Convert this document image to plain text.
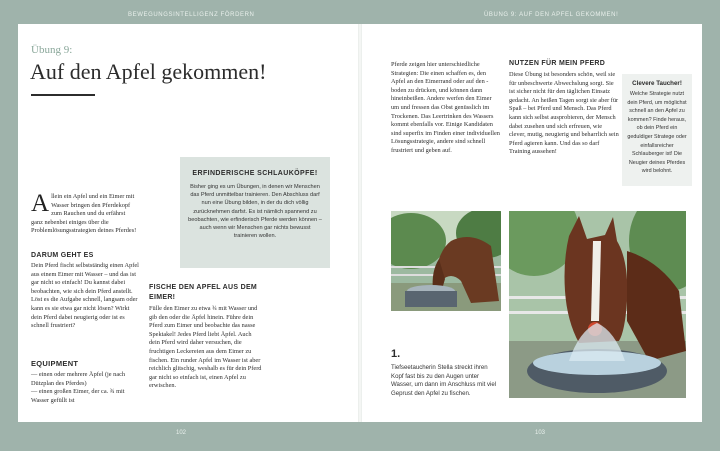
BEWEGUNGSINTELLIGENZ FÖRDERN	ÜBUNG 9: AUF DEN APFEL GEKOMMEN!
102	103
Übung 9:
Auf den Apfel gekommen!
Allein ein Apfel und ein Eimer mit Wasser bringen den Pferdekopf zum Rauchen und du erfährst ganz nebenbei einiges über die Problemlösungsstrategien deines Pferdes!
DARUM GEHT ES
Dein Pferd fischt selbstständig einen Apfel aus einem Eimer mit Wasser – und das ist gar nicht so einfach! Du kannst dabei beobachten, wie sich dein Pferd anstellt. Löst es die Aufgabe schnell, langsam oder kann es sie etwa gar nicht lösen? Wirkt dein Pferd dabei neugierig oder ist es schnell frustriert?
EQUIPMENT
— einen oder mehrere Äpfel (je nach Dützplan des Pferdes)
— einen großen Eimer, der ca. ¾ mit Wasser gefüllt ist
ERFINDERISCHE SCHLAUKÖPFE!

Bisher ging es um Übungen, in denen wir Menschen das Pferd unmittelbar trainieren. Den Abschluss darf nun eine Übung bilden, in der du dich völlig zurücknehmen darfst. Es ist nämlich spannend zu beobachten, wie erfinderisch Pferde werden können – auch wenn wir Menschen gar nichts bewusst trainieren wollen.

FISCHE DEN APFEL AUS DEM EIMER!
Fülle den Eimer zu etwa ¾ mit Wasser und gib den oder die Äpfel hinein. Führe dein Pferd zum Eimer und beobachte das nasse Spektakel! Jedes Pferd liebt Äpfel. Auch dein Pferd wird daher versuchen, die fruchtigen Leckereien aus dem Eimer zu fischen. Ein runder Apfel im Wasser ist aber reichlich glitschig, weshalb es für dein Pferd gar nicht so einfach ist, einen Apfel zu erwischen.
Pferde zeigen hier unterschiedliche Strategien: Die einen schaffen es, den Apfel an den Eimerrand oder auf den -boden zu drücken, und können dann hineinbeißen. Andere werfen den Eimer um und fressen das Obst genüsslich im Trockenen. Das Leertrinken des Wassers kommt ebenfalls vor. Einige Kandidaten sind superfix im Finden einer individuellen Lösungsstrategie, andere sind schnell frustriert und geben auf.
NUTZEN FÜR MEIN PFERD
Diese Übung ist besonders schön, weil sie für unbeschwerte Abwechslung sorgt. Sie ist sicher nicht für den täglichen Einsatz gedacht. An heißen Tagen sorgt sie aber für Spaß – bei Pferd und Mensch. Das Pferd kann sich selbst ausprobieren, der Mensch dabei zusehen und sich erfreuen, wie clever, mutig, neugierig und beharrlich sein Pferd agieren kann. Und das so darf Training aussehen!
Clevere Taucher!

Welche Strategie nutzt dein Pferd, um möglichst schnell an den Apfel zu kommen? Finde heraus, ob dein Pferd ein geduldiger Stratege oder einfallsreicher Schlauberger ist! Die Neugier deines Pferdes wird belohnt.

1.
Tiefseetaucherin Stella streckt ihren Kopf fast bis zu den Augen unter Wasser, um dann im Anschluss mit viel Geprust den Apfel zu fischen.
